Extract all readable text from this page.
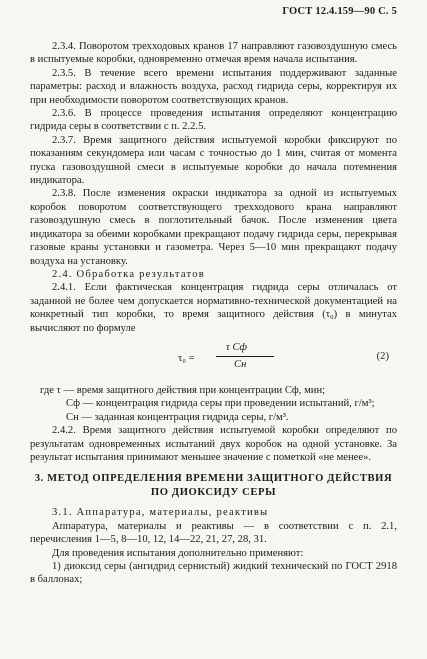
ГОСТ 12.4.159—90 С. 5

2.3.4. Поворотом трехходовых кранов 17 направляют газовоздушную смесь в испытуемые коробки, одновременно отмечая время начала испытания.

2.3.5. В течение всего времени испытания поддерживают заданные параметры: расход и влажность воздуха, расход гидрида серы, корректируя их при необходимости поворотом соответствующих кранов.

2.3.6. В процессе проведения испытания определяют концентрацию гидрида серы в соответствии с п. 2.2.5.

2.3.7. Время защитного действия испытуемой коробки фиксируют по показаниям секундомера или часам с точностью до 1 мин, считая от момента пуска газовоздушной смеси в испытуемые коробки до начала потемнения индикатора.

2.3.8. После изменения окраски индикатора за одной из испытуемых коробок поворотом соответствующего трехходового крана направляют газовоздушную смесь в поглотительный бачок. После изменения цвета индикатора за обеими коробками прекращают подачу гидрида серы, перекрывая газовые краны установки и газометра. Через 5—10 мин прекращают подачу воздуха на установку.

2.4. Обработка результатов

2.4.1. Если фактическая концентрация гидрида серы отличалась от заданной не более чем допускается нормативно-технической документацией на конкретный тип коробки, то время защитного действия (τ₀) в минутах вычисляют по формуле

τ₀ =
τ Cф
Cн
(2)

где τ — время защитного действия при концентрации Cф, мин;

Cф — концентрация гидрида серы при проведении испытаний, г/м³;

Cн — заданная концентрация гидрида серы, г/м³.

2.4.2. Время защитного действия испытуемой коробки определяют по результатам одновременных испытаний двух коробок на одной установке. За результат испытания принимают меньшее значение с пометкой «не менее».

3. МЕТОД ОПРЕДЕЛЕНИЯ ВРЕМЕНИ ЗАЩИТНОГО ДЕЙСТВИЯ ПО ДИОКСИДУ СЕРЫ

3.1. Аппаратура, материалы, реактивы

Аппаратура, материалы и реактивы — в соответствии с п. 2.1, перечисления 1—5, 8—10, 12, 14—22, 21, 27, 28, 31.

Для проведения испытания дополнительно применяют:

1) диоксид серы (ангидрид сернистый) жидкий технический по ГОСТ 2918 в баллонах;
